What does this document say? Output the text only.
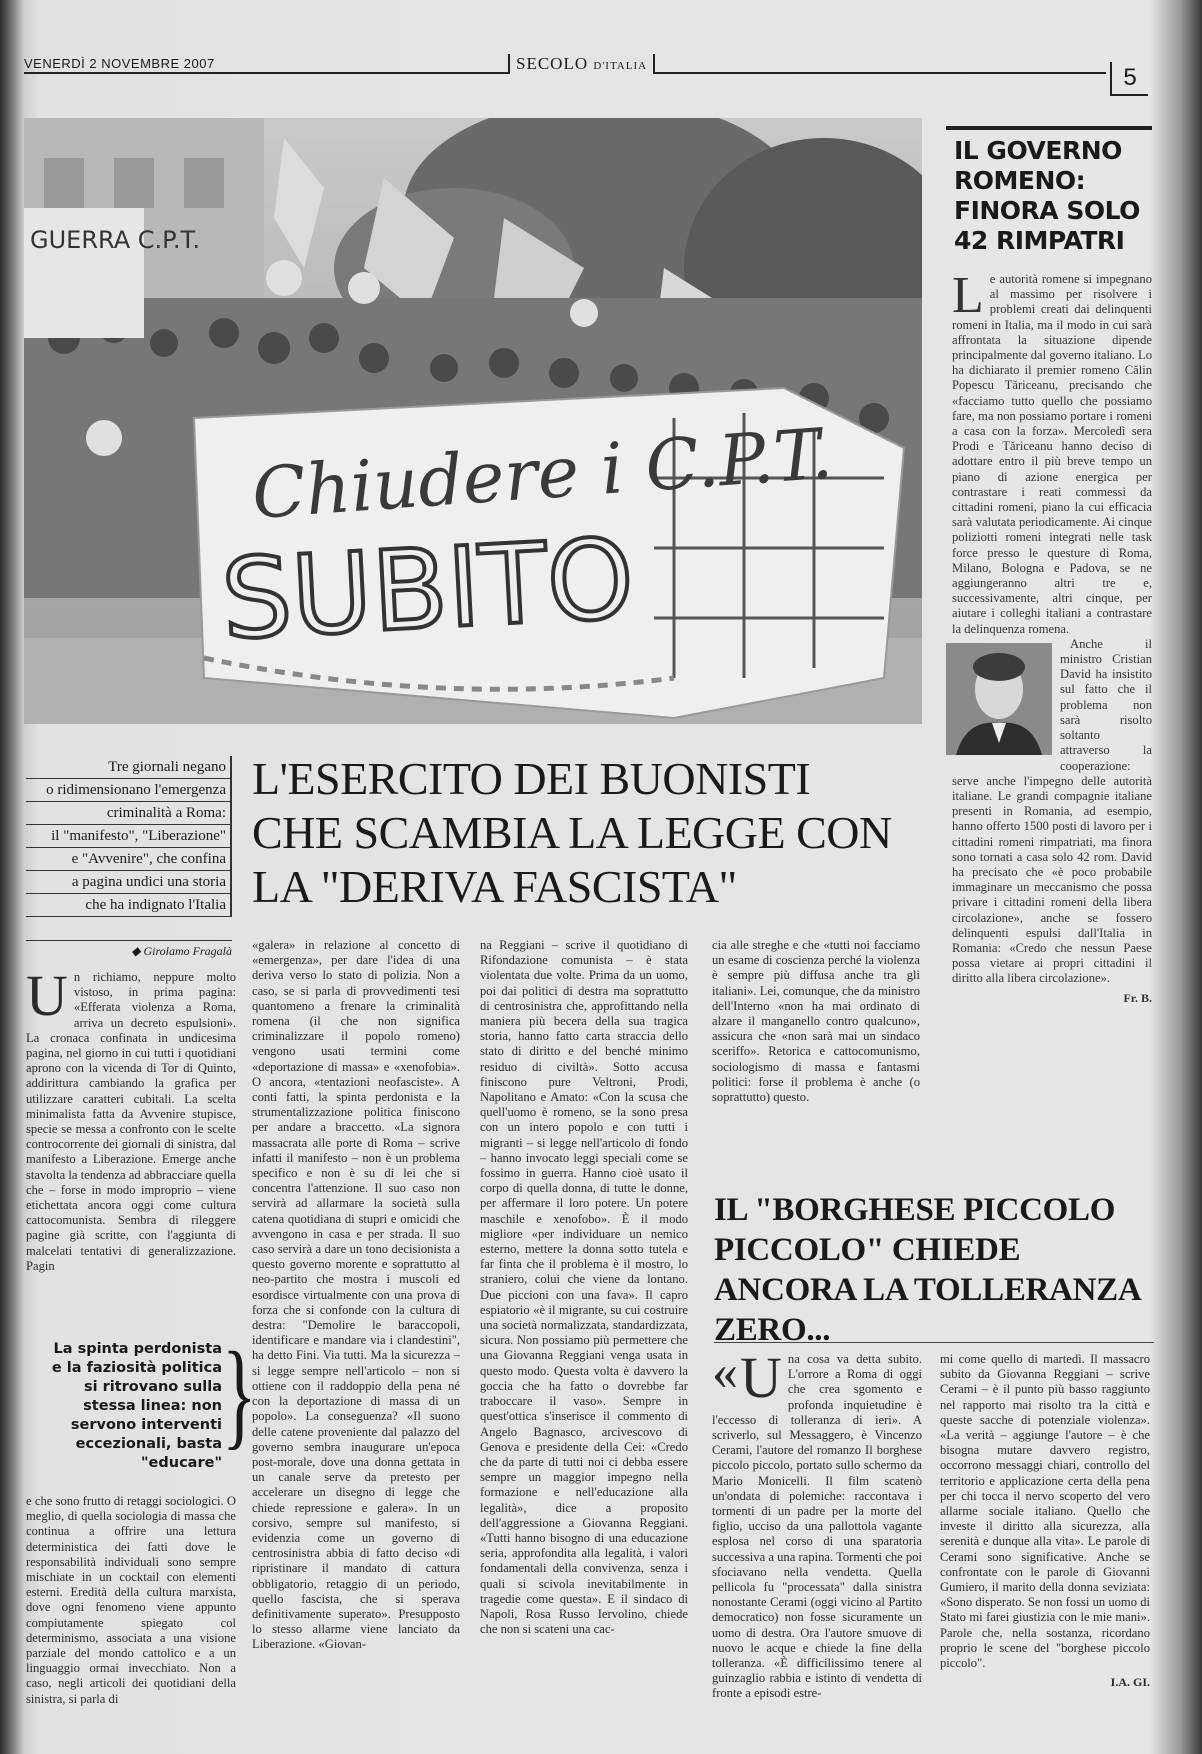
VENERDÌ 2 NOVEMBRE 2007	SECOLO D'ITALIA	5
Chiudere i C.P.T.
SUBITO
GUERRA C.P.T.
IL GOVERNO ROMENO: FINORA SOLO 42 RIMPATRI
L e autorità romene si impegnano al massimo per risolvere i problemi creati dai delinquenti romeni in Italia, ma il modo in cui sarà affrontata la situazione dipende principalmente dal governo italiano. Lo ha dichiarato il premier romeno Călin Popescu Tăriceanu, precisando che «facciamo tutto quello che possiamo fare, ma non possiamo portare i romeni a casa con la forza». Mercoledì sera Prodi e Tăriceanu hanno deciso di adottare entro il più breve tempo un piano di azione energica per contrastare i reati commessi da cittadini romeni, piano la cui efficacia sarà valutata periodicamente. Ai cinque poliziotti romeni integrati nelle task force presso le questure di Roma, Milano, Bologna e Padova, se ne aggiungeranno altri tre e, successivamente, altri cinque, per aiutare i colleghi italiani a contrastare la delinquenza romena.

Anche il ministro Cristian David ha insistito sul fatto che il problema non sarà risolto soltanto attraverso la cooperazione: serve anche l'impegno delle autorità italiane. Le grandi compagnie italiane presenti in Romania, ad esempio, hanno offerto 1500 posti di lavoro per i cittadini romeni rimpatriati, ma finora sono tornati a casa solo 42 rom. David ha precisato che «è poco probabile immaginare un meccanismo che possa privare i cittadini romeni della libera circolazione», anche se fossero delinquenti espulsi dall'Italia in Romania: «Credo che nessun Paese possa vietare ai propri cittadini il diritto alla libera circolazione».

Fr. B.
Tre giornali negano
o ridimensionano l'emergenza
criminalità a Roma:
il "manifesto", "Liberazione"
e "Avvenire", che confina
a pagina undici una storia
che ha indignato l'Italia
L'ESERCITO DEI BUONISTI CHE SCAMBIA LA LEGGE CON LA "DERIVA FASCISTA"
◆ Girolamo Fragalà
U n richiamo, neppure molto vistoso, in prima pagina: «Efferata violenza a Roma, arriva un decreto espulsioni». La cronaca confinata in undicesima pagina, nel giorno in cui tutti i quotidiani aprono con la vicenda di Tor di Quinto, addirittura cambiando la grafica per utilizzare caratteri cubitali. La scelta minimalista fatta da Avvenire stupisce, specie se messa a confronto con le scelte controcorrente dei giornali di sinistra, dal manifesto a Liberazione. Emerge anche stavolta la tendenza ad abbracciare quella che – forse in modo improprio – viene etichettata ancora oggi come cultura cattocomunista. Sembra di rileggere pagine già scritte, con l'aggiunta di malcelati tentativi di generalizzazione. Pagin

La spinta perdonista e la faziosità politica si ritrovano sulla stessa linea: non servono interventi eccezionali, basta "educare"
}

e che sono frutto di retaggi sociologici. O meglio, di quella sociologia di massa che continua a offrire una lettura deterministica dei fatti dove le responsabilità individuali sono sempre mischiate in un cocktail con elementi esterni. Eredità della cultura marxista, dove ogni fenomeno viene appunto compiutamente spiegato col determinismo, associata a una visione parziale del mondo cattolico e a un linguaggio ormai invecchiato. Non a caso, negli articoli dei quotidiani della sinistra, si parla di

«galera» in relazione al concetto di «emergenza», per dare l'idea di una deriva verso lo stato di polizia. Non a caso, se si parla di provvedimenti tesi quantomeno a frenare la criminalità romena (il che non significa criminalizzare il popolo romeno) vengono usati termini come «deportazione di massa» e «xenofobia». O ancora, «tentazioni neofasciste». A conti fatti, la spinta perdonista e la strumentalizzazione politica finiscono per andare a braccetto. «La signora massacrata alle porte di Roma – scrive infatti il manifesto – non è un problema specifico e non è su di lei che si concentra l'attenzione. Il suo caso non servirà ad allarmare la società sulla catena quotidiana di stupri e omicidi che avvengono in casa e per strada. Il suo caso servirà a dare un tono decisionista a questo governo morente e soprattutto al neo-partito che mostra i muscoli ed esordisce virtualmente con una prova di forza che si confonde con la cultura di destra: "Demolire le baraccopoli, identificare e mandare via i clandestini", ha detto Fini. Via tutti. Ma la sicurezza – si legge sempre nell'articolo – non si ottiene con il raddoppio della pena né con la deportazione di massa di un popolo». La conseguenza? «Il suono delle catene proveniente dal palazzo del governo sembra inaugurare un'epoca post-morale, dove una donna gettata in un canale serve da pretesto per accelerare un disegno di legge che chiede repressione e galera». In un corsivo, sempre sul manifesto, si evidenzia come un governo di centrosinistra abbia di fatto deciso «di ripristinare il mandato di cattura obbligatorio, retaggio di un periodo, quello fascista, che si sperava definitivamente superato». Presupposto lo stesso allarme viene lanciato da Liberazione. «Giovan-

na Reggiani – scrive il quotidiano di Rifondazione comunista – è stata violentata due volte. Prima da un uomo, poi dai politici di destra ma soprattutto di centrosinistra che, approfittando nella maniera più becera della sua tragica storia, hanno fatto carta straccia dello stato di diritto e del benché minimo residuo di civiltà». Sotto accusa finiscono pure Veltroni, Prodi, Napolitano e Amato: «Con la scusa che quell'uomo è romeno, se la sono presa con un intero popolo e con tutti i migranti – si legge nell'articolo di fondo – hanno invocato leggi speciali come se fossimo in guerra. Hanno cioè usato il corpo di quella donna, di tutte le donne, per affermare il loro potere. Un potere maschile e xenofobo». È il modo migliore «per individuare un nemico esterno, mettere la donna sotto tutela e far finta che il problema è il mostro, lo straniero, colui che viene da lontano. Due piccioni con una fava». Il capro espiatorio «è il migrante, su cui costruire una società normalizzata, standardizzata, sicura. Non possiamo più permettere che una Giovanna Reggiani venga usata in questo modo. Questa volta è davvero la goccia che ha fatto o dovrebbe far traboccare il vaso». Sempre in quest'ottica s'inserisce il commento di Angelo Bagnasco, arcivescovo di Genova e presidente della Cei: «Credo che da parte di tutti noi ci debba essere sempre un maggior impegno nella formazione e nell'educazione alla legalità», dice a proposito dell'aggressione a Giovanna Reggiani. «Tutti hanno bisogno di una educazione seria, approfondita alla legalità, i valori fondamentali della convivenza, senza i quali si scivola inevitabilmente in tragedie come questa». E il sindaco di Napoli, Rosa Russo Iervolino, chiede che non si scateni una cac-

cia alle streghe e che «tutti noi facciamo un esame di coscienza perché la violenza è sempre più diffusa anche tra gli italiani». Lei, comunque, che da ministro dell'Interno «non ha mai ordinato di alzare il manganello contro qualcuno», assicura che «non sarà mai un sindaco sceriffo». Retorica e cattocomunismo, sociologismo di massa e fantasmi politici: forse il problema è anche (o soprattutto) questo.

IL "BORGHESE PICCOLO PICCOLO" CHIEDE ANCORA LA TOLLERANZA ZERO...
« U na cosa va detta subito. L'orrore a Roma di oggi che crea sgomento e profonda inquietudine è l'eccesso di tolleranza di ieri». A scriverlo, sul Messaggero, è Vincenzo Cerami, l'autore del romanzo Il borghese piccolo piccolo, portato sullo schermo da Mario Monicelli. Il film scatenò un'ondata di polemiche: raccontava i tormenti di un padre per la morte del figlio, ucciso da una pallottola vagante esplosa nel corso di una sparatoria successiva a una rapina. Tormenti che poi sfociavano nella vendetta. Quella pellicola fu "processata" dalla sinistra nonostante Cerami (oggi vicino al Partito democratico) non fosse sicuramente un uomo di destra. Ora l'autore smuove di nuovo le acque e chiede la fine della tolleranza. «È difficilissimo tenere al guinzaglio rabbia e istinto di vendetta di fronte a episodi estre-

mi come quello di martedì. Il massacro subito da Giovanna Reggiani – scrive Cerami – è il punto più basso raggiunto nel rapporto mai risolto tra la città e queste sacche di potenziale violenza». «La verità – aggiunge l'autore – è che bisogna mutare davvero registro, occorrono messaggi chiari, controllo del territorio e applicazione certa della pena per chi tocca il nervo scoperto del vero allarme sociale italiano. Quello che investe il diritto alla sicurezza, alla serenità e dunque alla vita». Le parole di Cerami sono significative. Anche se confrontate con le parole di Giovanni Gumiero, il marito della donna seviziata: «Sono disperato. Se non fossi un uomo di Stato mi farei giustizia con le mie mani». Parole che, nella sostanza, ricordano proprio le scene del "borghese piccolo piccolo".

I.A. GI.
